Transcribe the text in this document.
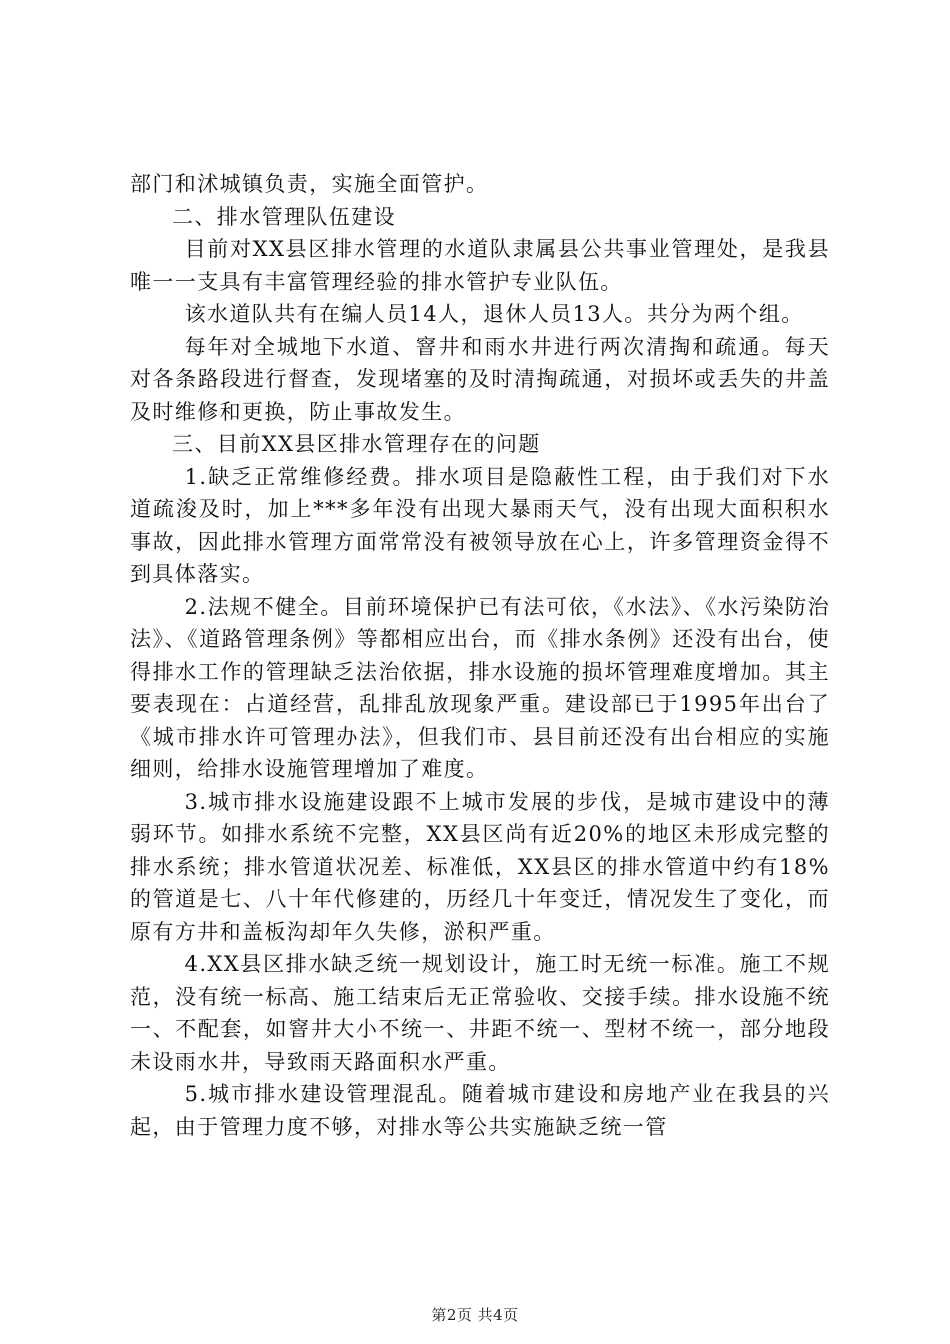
部门和沭城镇负责，实施全面管护。

二、排水管理队伍建设

目前对XX县区排水管理的水道队隶属县公共事业管理处，是我县唯一一支具有丰富管理经验的排水管护专业队伍。

该水道队共有在编人员14人，退休人员13人。共分为两个组。

每年对全城地下水道、窨井和雨水井进行两次清掏和疏通。每天对各条路段进行督查，发现堵塞的及时清掏疏通，对损坏或丢失的井盖及时维修和更换，防止事故发生。

三、目前XX县区排水管理存在的问题

1.缺乏正常维修经费。排水项目是隐蔽性工程，由于我们对下水道疏浚及时，加上***多年没有出现大暴雨天气，没有出现大面积积水事故，因此排水管理方面常常没有被领导放在心上，许多管理资金得不到具体落实。

2.法规不健全。目前环境保护已有法可依，《水法》、《水污染防治法》、《道路管理条例》等都相应出台，而《排水条例》还没有出台，使得排水工作的管理缺乏法治依据，排水设施的损坏管理难度增加。其主要表现在：占道经营，乱排乱放现象严重。建设部已于1995年出台了《城市排水许可管理办法》，但我们市、县目前还没有出台相应的实施细则，给排水设施管理增加了难度。

3.城市排水设施建设跟不上城市发展的步伐，是城市建设中的薄弱环节。如排水系统不完整，XX县区尚有近20%的地区未形成完整的排水系统；排水管道状况差、标准低，XX县区的排水管道中约有18%的管道是七、八十年代修建的，历经几十年变迁，情况发生了变化，而原有方井和盖板沟却年久失修，淤积严重。

4.XX县区排水缺乏统一规划设计，施工时无统一标准。施工不规范，没有统一标高、施工结束后无正常验收、交接手续。排水设施不统一、不配套，如窨井大小不统一、井距不统一、型材不统一，部分地段未设雨水井，导致雨天路面积水严重。

5.城市排水建设管理混乱。随着城市建设和房地产业在我县的兴起，由于管理力度不够，对排水等公共实施缺乏统一管

第2页 共4页
